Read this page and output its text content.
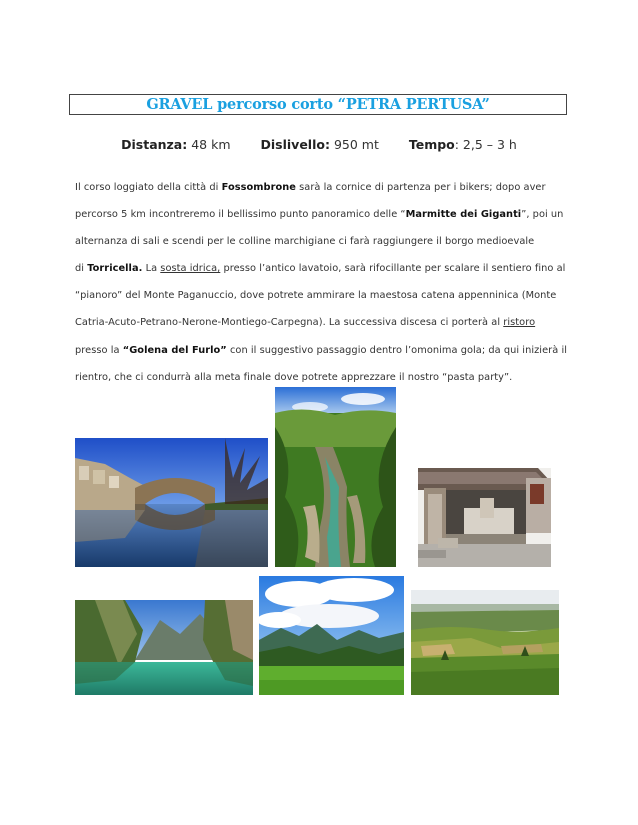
GRAVEL percorso corto “PETRA PERTUSA”
Distanza: 48 km Dislivello: 950 mt Tempo: 2,5 – 3 h
Il corso loggiato della città di Fossombrone sarà la cornice di partenza per i bikers; dopo aver
percorso 5 km incontreremo il bellissimo punto panoramico delle “Marmitte dei Giganti”, poi un
alternanza di sali e scendi per le colline marchigiane ci farà raggiungere il borgo medioevale
di Torricella. La sosta idrica, presso l’antico lavatoio, sarà rifocillante per scalare il sentiero fino al
“pianoro” del Monte Paganuccio, dove potrete ammirare la maestosa catena appenninica (Monte
Catria-Acuto-Petrano-Nerone-Montiego-Carpegna). La successiva discesa ci porterà al ristoro
presso la “Golena del Furlo” con il suggestivo passaggio dentro l’omonima gola; da qui inizierà il
rientro, che ci condurrà alla meta finale dove potrete apprezzare il nostro “pasta party”.
